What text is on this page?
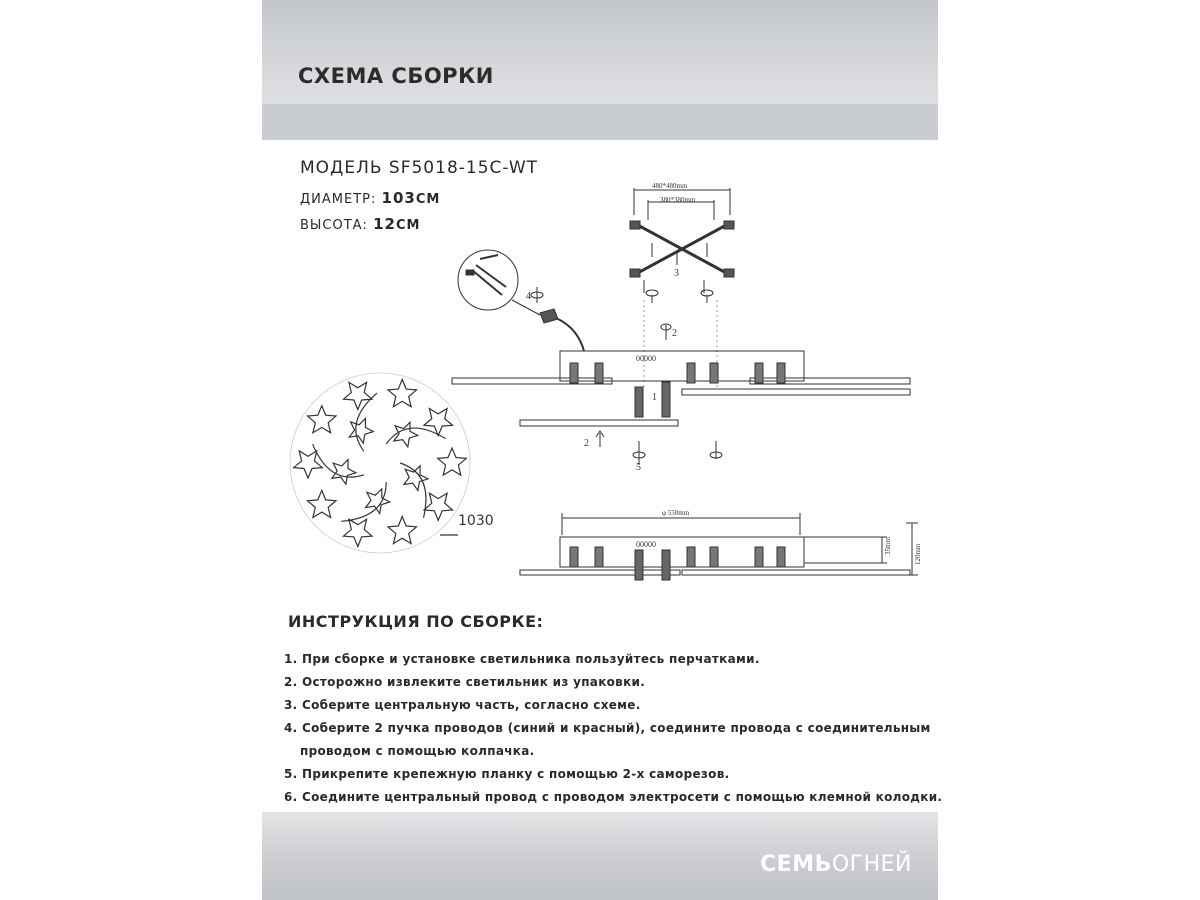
СХЕМА СБОРКИ
МОДЕЛЬ SF5018-15C-WT
ДИАМЕТР: 103СМ
ВЫСОТА: 12СМ
480*480mm
380*380mm
3
4
00000
1
2
2
5
1030	φ 550mm
00000	35mm	120mm
ИНСТРУКЦИЯ ПО СБОРКЕ:
1. При сборке и установке светильника пользуйтесь перчатками.
2. Осторожно извлеките светильник из упаковки.
3. Соберите центральную часть, согласно схеме.
4. Соберите 2 пучка проводов (синий и красный), соедините провода с соединительным
проводом с помощью колпачка.
5. Прикрепите крепежную планку с помощью 2-х саморезов.
6. Соедините центральный провод с проводом электросети с помощью клемной колодки.
СЕМЬОГНЕЙ
